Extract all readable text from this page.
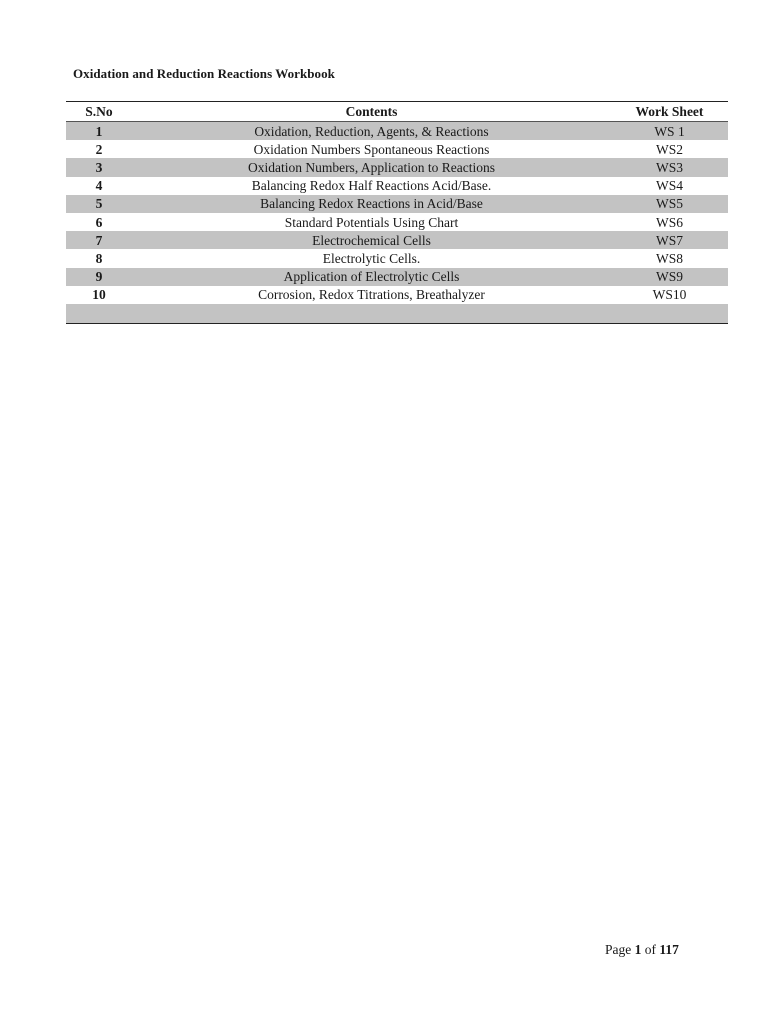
Oxidation and Reduction Reactions Workbook
S.No	Contents	Work Sheet
1	Oxidation, Reduction, Agents, & Reactions	WS 1
2	Oxidation Numbers Spontaneous Reactions	WS2
3	Oxidation Numbers, Application to Reactions	WS3
4	Balancing Redox Half Reactions Acid/Base.	WS4
5	Balancing Redox Reactions in Acid/Base	WS5
6	Standard Potentials Using Chart	WS6
7	Electrochemical Cells	WS7
8	Electrolytic Cells.	WS8
9	Application of Electrolytic Cells	WS9
10	Corrosion, Redox Titrations, Breathalyzer	WS10

Page 1 of 117
